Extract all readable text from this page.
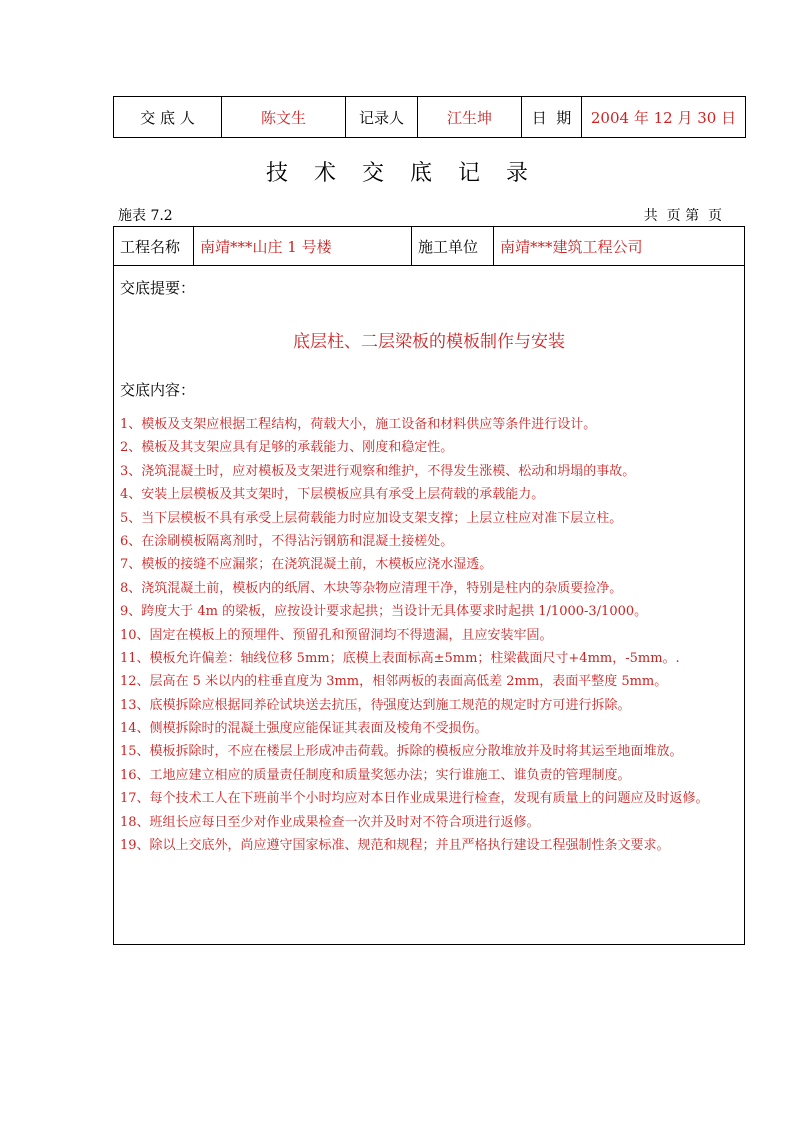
交 底 人	陈文生	记录人	江生坤	日  期	2004 年 12 月 30 日
技术交底记录
施表 7.2	共  页 第  页
工程名称	南靖***山庄 1 号楼	施工单位	南靖***建筑工程公司
交底提要：
底层柱、二层梁板的模板制作与安装
交底内容：
1、模板及支架应根据工程结构，荷载大小，施工设备和材料供应等条件进行设计。
2、模板及其支架应具有足够的承载能力、刚度和稳定性。
3、浇筑混凝土时，应对模板及支架进行观察和维护，不得发生涨模、松动和坍塌的事故。
4、安装上层模板及其支架时，下层模板应具有承受上层荷载的承载能力。
5、当下层模板不具有承受上层荷载能力时应加设支架支撑；上层立柱应对准下层立柱。
6、在涂刷模板隔离剂时，不得沾污钢筋和混凝土接槎处。
7、模板的接缝不应漏浆；在浇筑混凝土前，木模板应浇水湿透。
8、浇筑混凝土前，模板内的纸屑、木块等杂物应清理干净，特别是柱内的杂质要捡净。
9、跨度大于 4m 的梁板，应按设计要求起拱；当设计无具体要求时起拱 1/1000-3/1000。
10、固定在模板上的预埋件、预留孔和预留洞均不得遗漏，且应安装牢固。
11、模板允许偏差：轴线位移 5mm；底模上表面标高±5mm；柱梁截面尺寸+4mm，-5mm。.
12、层高在 5 米以内的柱垂直度为 3mm，相邻两板的表面高低差 2mm，表面平整度 5mm。
13、底模拆除应根据同养砼试块送去抗压，待强度达到施工规范的规定时方可进行拆除。
14、侧模拆除时的混凝土强度应能保证其表面及棱角不受损伤。
15、模板拆除时，不应在楼层上形成冲击荷载。拆除的模板应分散堆放并及时将其运至地面堆放。
16、工地应建立相应的质量责任制度和质量奖惩办法；实行谁施工、谁负责的管理制度。
17、每个技术工人在下班前半个小时均应对本日作业成果进行检查，发现有质量上的问题应及时返修。
18、班组长应每日至少对作业成果检查一次并及时对不符合项进行返修。
19、除以上交底外，尚应遵守国家标准、规范和规程；并且严格执行建设工程强制性条文要求。
